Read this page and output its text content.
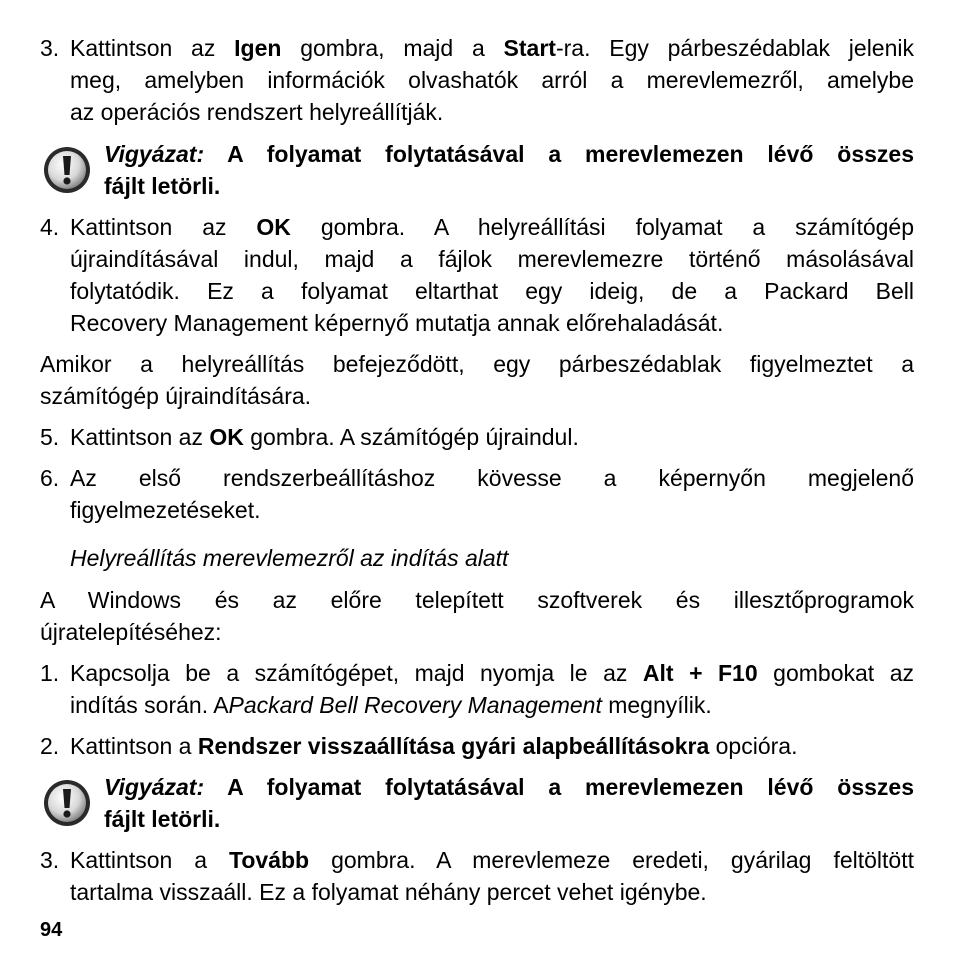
3. Kattintson az Igen gombra, majd a Start-ra. Egy párbeszédablak jelenik
meg, amelyben információk olvashatók arról a merevlemezről, amelybe
az operációs rendszert helyreállítják.
Vigyázat: A folyamat folytatásával a merevlemezen lévő összes
fájlt letörli.
4. Kattintson az OK gombra. A helyreállítási folyamat a számítógép
újraindításával indul, majd a fájlok merevlemezre történő másolásával
folytatódik. Ez a folyamat eltarthat egy ideig, de a Packard Bell
Recovery Management képernyő mutatja annak előrehaladását.
Amikor a helyreállítás befejeződött, egy párbeszédablak figyelmeztet a
számítógép újraindítására.
5. Kattintson az OK gombra. A számítógép újraindul.
6. Az első rendszerbeállításhoz kövesse a képernyőn megjelenő
figyelmezetéseket.
Helyreállítás merevlemezről az indítás alatt
A Windows és az előre telepített szoftverek és illesztőprogramok
újratelepítéséhez:
1. Kapcsolja be a számítógépet, majd nyomja le az Alt + F10 gombokat az
indítás során. APackard Bell Recovery Management megnyílik.
2. Kattintson a Rendszer visszaállítása gyári alapbeállításokra opcióra.
Vigyázat: A folyamat folytatásával a merevlemezen lévő összes
fájlt letörli.
3. Kattintson a Tovább gombra. A merevlemeze eredeti, gyárilag feltöltött
tartalma visszaáll. Ez a folyamat néhány percet vehet igénybe.
94
